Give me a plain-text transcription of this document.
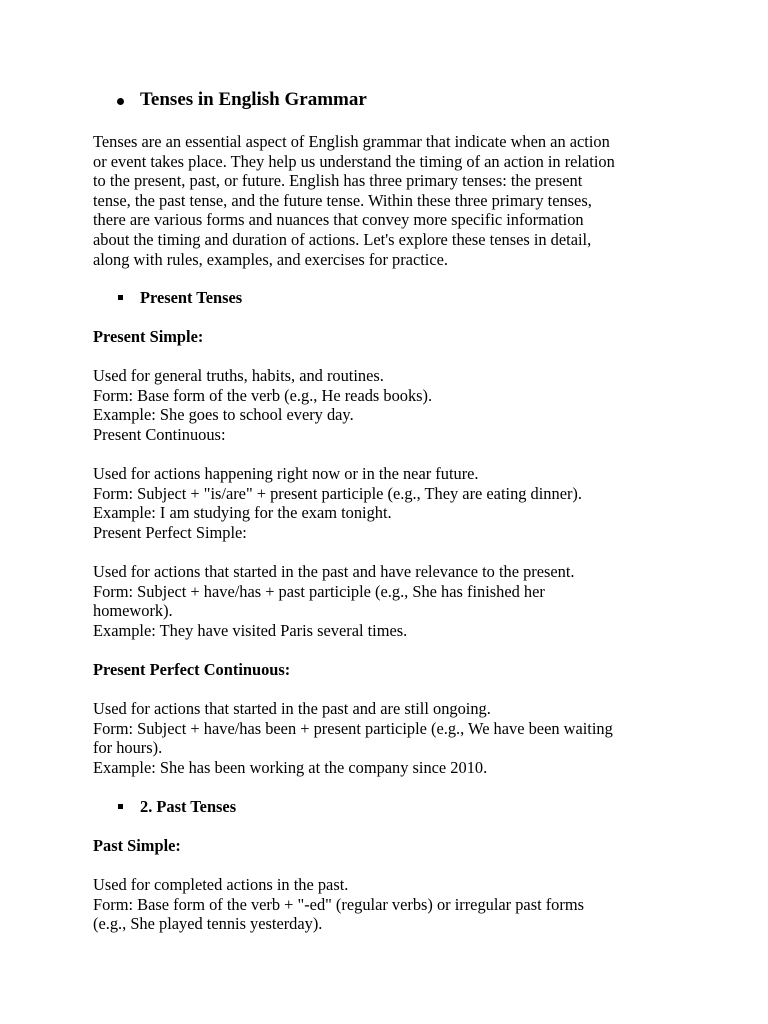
Tenses in English Grammar
Tenses are an essential aspect of English grammar that indicate when an action
or event takes place. They help us understand the timing of an action in relation
to the present, past, or future. English has three primary tenses: the present
tense, the past tense, and the future tense. Within these three primary tenses,
there are various forms and nuances that convey more specific information
about the timing and duration of actions. Let's explore these tenses in detail,
along with rules, examples, and exercises for practice.
Present Tenses
Present Simple:
Used for general truths, habits, and routines.
Form: Base form of the verb (e.g., He reads books).
Example: She goes to school every day.
Present Continuous:
Used for actions happening right now or in the near future.
Form: Subject + "is/are" + present participle (e.g., They are eating dinner).
Example: I am studying for the exam tonight.
Present Perfect Simple:
Used for actions that started in the past and have relevance to the present.
Form: Subject + have/has + past participle (e.g., She has finished her
homework).
Example: They have visited Paris several times.
Present Perfect Continuous:
Used for actions that started in the past and are still ongoing.
Form: Subject + have/has been + present participle (e.g., We have been waiting
for hours).
Example: She has been working at the company since 2010.
2. Past Tenses
Past Simple:
Used for completed actions in the past.
Form: Base form of the verb + "-ed" (regular verbs) or irregular past forms
(e.g., She played tennis yesterday).
